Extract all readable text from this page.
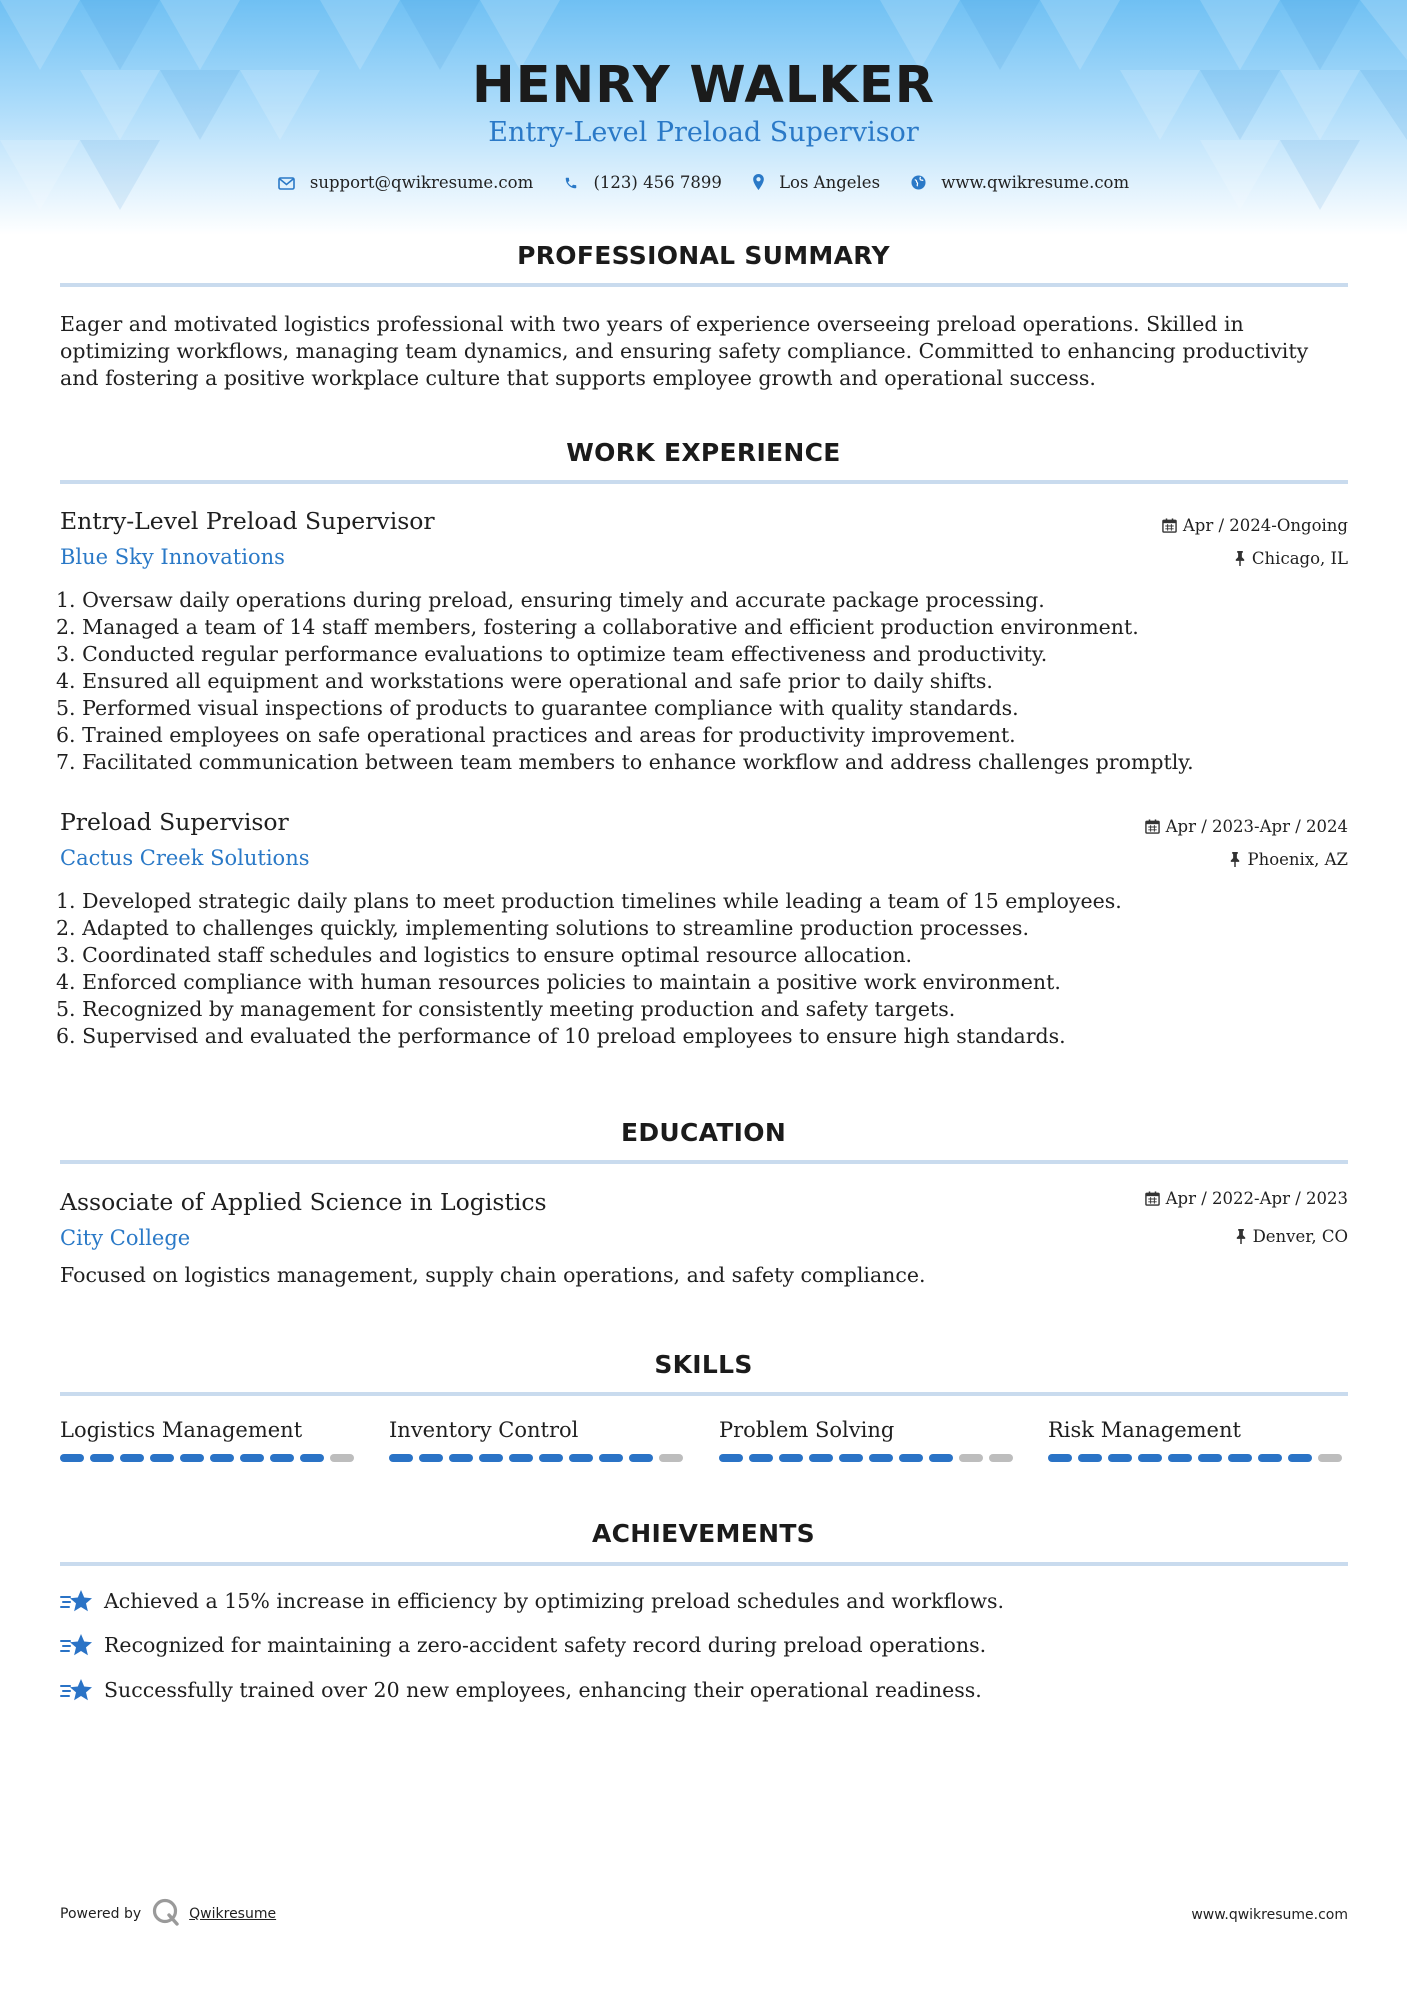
HENRY WALKER
Entry-Level Preload Supervisor
support@qwikresume.com	(123) 456 7899	Los Angeles	www.qwikresume.com
PROFESSIONAL SUMMARY
Eager and motivated logistics professional with two years of experience overseeing preload operations. Skilled in optimizing workflows, managing team dynamics, and ensuring safety compliance. Committed to enhancing productivity and fostering a positive workplace culture that supports employee growth and operational success.
WORK EXPERIENCE
Entry-Level Preload Supervisor
Blue Sky Innovations
Apr / 2024-Ongoing
Chicago, IL
1. Oversaw daily operations during preload, ensuring timely and accurate package processing.
2. Managed a team of 14 staff members, fostering a collaborative and efficient production environment.
3. Conducted regular performance evaluations to optimize team effectiveness and productivity.
4. Ensured all equipment and workstations were operational and safe prior to daily shifts.
5. Performed visual inspections of products to guarantee compliance with quality standards.
6. Trained employees on safe operational practices and areas for productivity improvement.
7. Facilitated communication between team members to enhance workflow and address challenges promptly.
Preload Supervisor
Cactus Creek Solutions
Apr / 2023-Apr / 2024
Phoenix, AZ
1. Developed strategic daily plans to meet production timelines while leading a team of 15 employees.
2. Adapted to challenges quickly, implementing solutions to streamline production processes.
3. Coordinated staff schedules and logistics to ensure optimal resource allocation.
4. Enforced compliance with human resources policies to maintain a positive work environment.
5. Recognized by management for consistently meeting production and safety targets.
6. Supervised and evaluated the performance of 10 preload employees to ensure high standards.
EDUCATION
Associate of Applied Science in Logistics
City College
Apr / 2022-Apr / 2023
Denver, CO
Focused on logistics management, supply chain operations, and safety compliance.
SKILLS
Logistics Management	Inventory Control	Problem Solving	Risk Management
ACHIEVEMENTS
Achieved a 15% increase in efficiency by optimizing preload schedules and workflows.
Recognized for maintaining a zero-accident safety record during preload operations.
Successfully trained over 20 new employees, enhancing their operational readiness.
Powered by	Qwikresume	www.qwikresume.com
